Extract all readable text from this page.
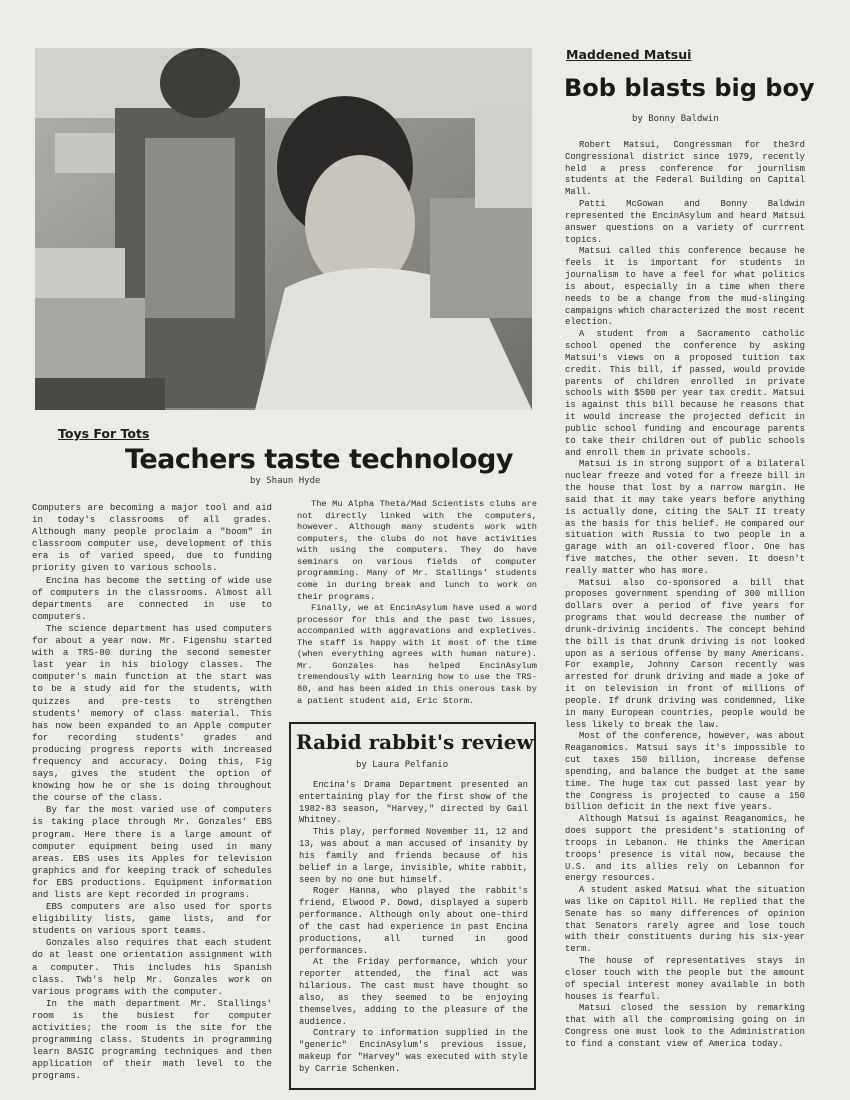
Toys For Tots

Teachers taste technology

by Shaun Hyde

Computers are becoming a major tool and aid in today's classrooms of all grades. Although many people proclaim a "boom" in classroom computer use, development of this era is of varied speed, due to funding priority given to various schools.

Encina has become the setting of wide use of computers in the classrooms. Almost all departments are connected in use to computers.

The science department has used computers for about a year now. Mr. Figenshu started with a TRS-80 during the second semester last year in his biology classes. The computer's main function at the start was to be a study aid for the students, with quizzes and pre-tests to strengthen students' memory of class material. This has now been expanded to an Apple computer for recording students' grades and producing progress reports with increased frequency and accuracy. Doing this, Fig says, gives the student the option of knowing how he or she is doing throughout the course of the class.

By far the most varied use of computers is taking place through Mr. Gonzales' EBS program. Here there is a large amount of computer equipment being used in many areas. EBS uses its Apples for television graphics and for keeping track of schedules for EBS productions. Equipment information and lists are kept recorded in programs.

EBS computers are also used for sports eligibility lists, game lists, and for students on various sport teams.

Gonzales also requires that each student do at least one orientation assignment with a computer. This includes his Spanish class. Twb's help Mr. Gonzales work on various programs with the computer.

In the math department Mr. Stallings' room is the busiest for computer activities; the room is the site for the programming class. Students in programming learn BASIC programing techniques and then application of their math level to the programs.

The Mu Alpha Theta/Mad Scientists clubs are not directly linked with the computers, however. Although many students work with computers, the clubs do not have activities with using the computers. They do have seminars on various fields of computer programming. Many of Mr. Stallings' students come in during break and lunch to work on their programs.

Finally, we at EncinAsylum have used a word processor for this and the past two issues, accompanied with aggravations and expletives. The staff is happy with it most of the time (when everything agrees with human nature). Mr. Gonzales has helped EncinAsylum tremendously with learning how to use the TRS-80, and has been aided in this onerous task by a patient student aid, Eric Storm.

Rabid rabbit's review

by Laura Pelfanio

Encina's Drama Department presented an entertaining play for the first show of the 1982-83 season, "Harvey," directed by Gail Whitney.

This play, performed November 11, 12 and 13, was about a man accused of insanity by his family and friends because of his belief in a large, invisible, white rabbit, seen by no one but himself.

Roger Hanna, who played the rabbit's friend, Elwood P. Dowd, displayed a superb performance. Although only about one-third of the cast had experience in past Encina productions, all turned in good performances.

At the Friday performance, which your reporter attended, the final act was hilarious. The cast must have thought so also, as they seemed to be enjoying themselves, adding to the pleasure of the audience.

Contrary to information supplied in the "generic" EncinAsylum's previous issue, makeup for "Harvey" was executed with style by Carrie Schenken.

Maddened Matsui

Bob blasts big boy

by Bonny Baldwin

Robert Matsui, Congressman for the3rd Congressional district since 1979, recently held a press conference for journlism students at the Federal Building on Capital Mall.

Patti McGowan and Bonny Baldwin represented the EncinAsylum and heard Matsui answer questions on a variety of currrent topics.

Matsui called this conference because he feels it is important for students in journalism to have a feel for what politics is about, especially in a time when there needs to be a change from the mud-slinging campaigns which characterized the most recent election.

A student from a Sacramento catholic school opened the conference by asking Matsui's views on a proposed tuition tax credit. This bill, if passed, would provide parents of children enrolled in private schools with $500 per year tax credit. Matsui is against this bill because he reasons that it would increase the projected deficit in public school funding and encourage parents to take their children out of public schools and enroll them in private schools.

Matsui is in strong support of a bilateral nuclear freeze and voted for a freeze bill in the house that lost by a narrow margin. He said that it may take years before anything is actually done, citing the SALT II treaty as the basis for this belief. He compared our situation with Russia to two people in a garage with an oil-covered floor. One has five matches, the other seven. It doesn't really matter who has more.

Matsui also co-sponsored a bill that proposes government spending of 300 million dollars over a period of five years for programs that would decrease the number of drunk-drivinig incidents. The concept behind the bill is that drunk driving is not looked upon as a serious offense by many Americans. For example, Johnny Carson recently was arrested for drunk driving and made a joke of it on television in front of millions of people. If drunk driving was condemned, like in many European countries, people would be less likely to break the law.

Most of the conference, however, was about Reaganomics. Matsui says it's impossible to cut taxes 150 billion, increase defense spending, and balance the budget at the same time. The huge tax cut passed last year by the Congress is projected to cause a 150 billion deficit in the next five years.

Although Matsui is against Reaganomics, he does support the president's stationing of troops in Lebanon. He thinks the American troops' presence is vital now, because the U.S. and its allies rely on Lebannon for energy resources.

A student asked Matsui what the situation was like on Capitol Hill. He replied that the Senate has so many differences of opinion that Senators rarely agree and lose touch with their constituents during his six-year term.

The house of representatives stays in closer touch with the people but the amount of special interest money available in both houses is fearful.

Matsui closed the session by remarking that with all the compromising going on in Congress one must look to the Administration to find a constant view of America today.
